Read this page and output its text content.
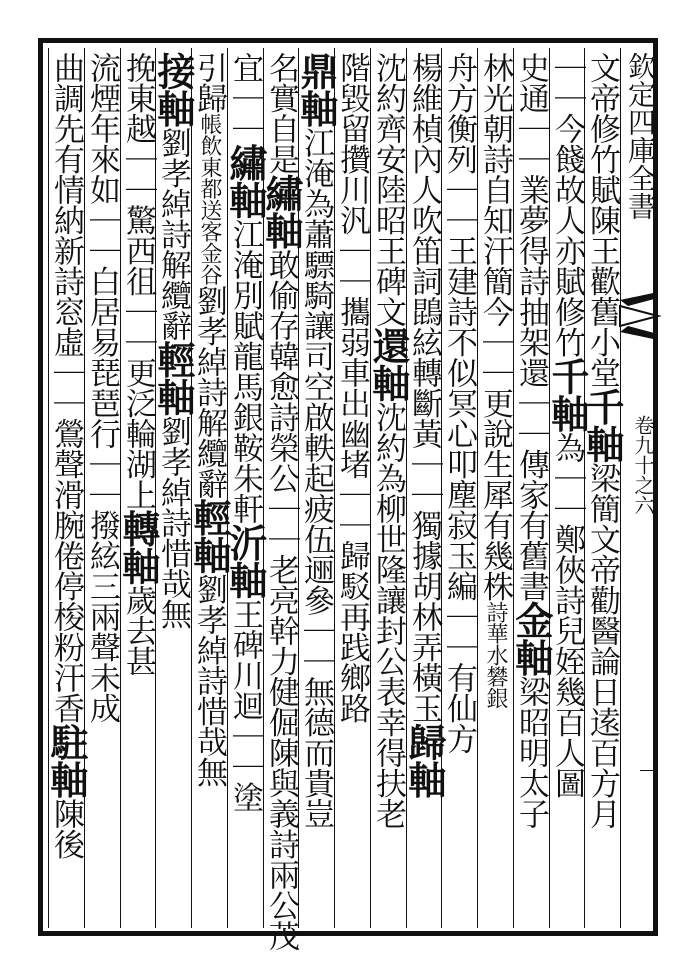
欽定四庫全書
卷九十之六
文帝修竹賦陳王歡舊小堂千軸梁簡文帝勸醫論日逺百方月
｜｜今餞故人亦賦修竹千軸為｜｜鄭俠詩兒姪幾百人圖
史通｜｜業夢得詩抽架還｜｜傳家有舊書金軸梁昭明太子
林光朝詩自知汗簡今｜｜更說生犀有幾株詩華水礬銀
舟方衡列｜｜王建詩不似冥心叩塵寂玉編｜｜有仙方
楊維楨內人吹笛詞鵾絃轉斷黃｜｜獨據胡林弄橫玉歸軸
沈約齊安陸昭王碑文還軸沈約為柳世隆讓封公表幸得扶老
階毀留攢川汎｜｜攜弱車出幽堵｜｜歸駁再践鄉路
鼎軸江淹為蕭驃騎讓司空啟軼起疲伍逦參｜｜無德而貴豈
名實自是繡軸敢偷存韓愈詩榮公｜｜老亮幹力健倔陳與義詩兩公茂
宜｜｜繡軸江淹別賦龍馬銀鞍朱軒沂軸王碑川迴｜｜塗
引歸帳飲東都送客金谷劉孝綽詩解纜辭輕軸劉孝綽詩惜哉無
接軸劉孝綽詩解纜辭輕軸劉孝綽詩惜哉無
挽東越｜｜驚西徂｜｜更泛輪湖上轉軸歲去甚
流煙年來如｜｜白居易琵琶行｜｜撥絃三兩聲未成
曲調先有情納新詩窓虛｜｜鶯聲滑腕倦停梭粉汗香駐軸陳後
